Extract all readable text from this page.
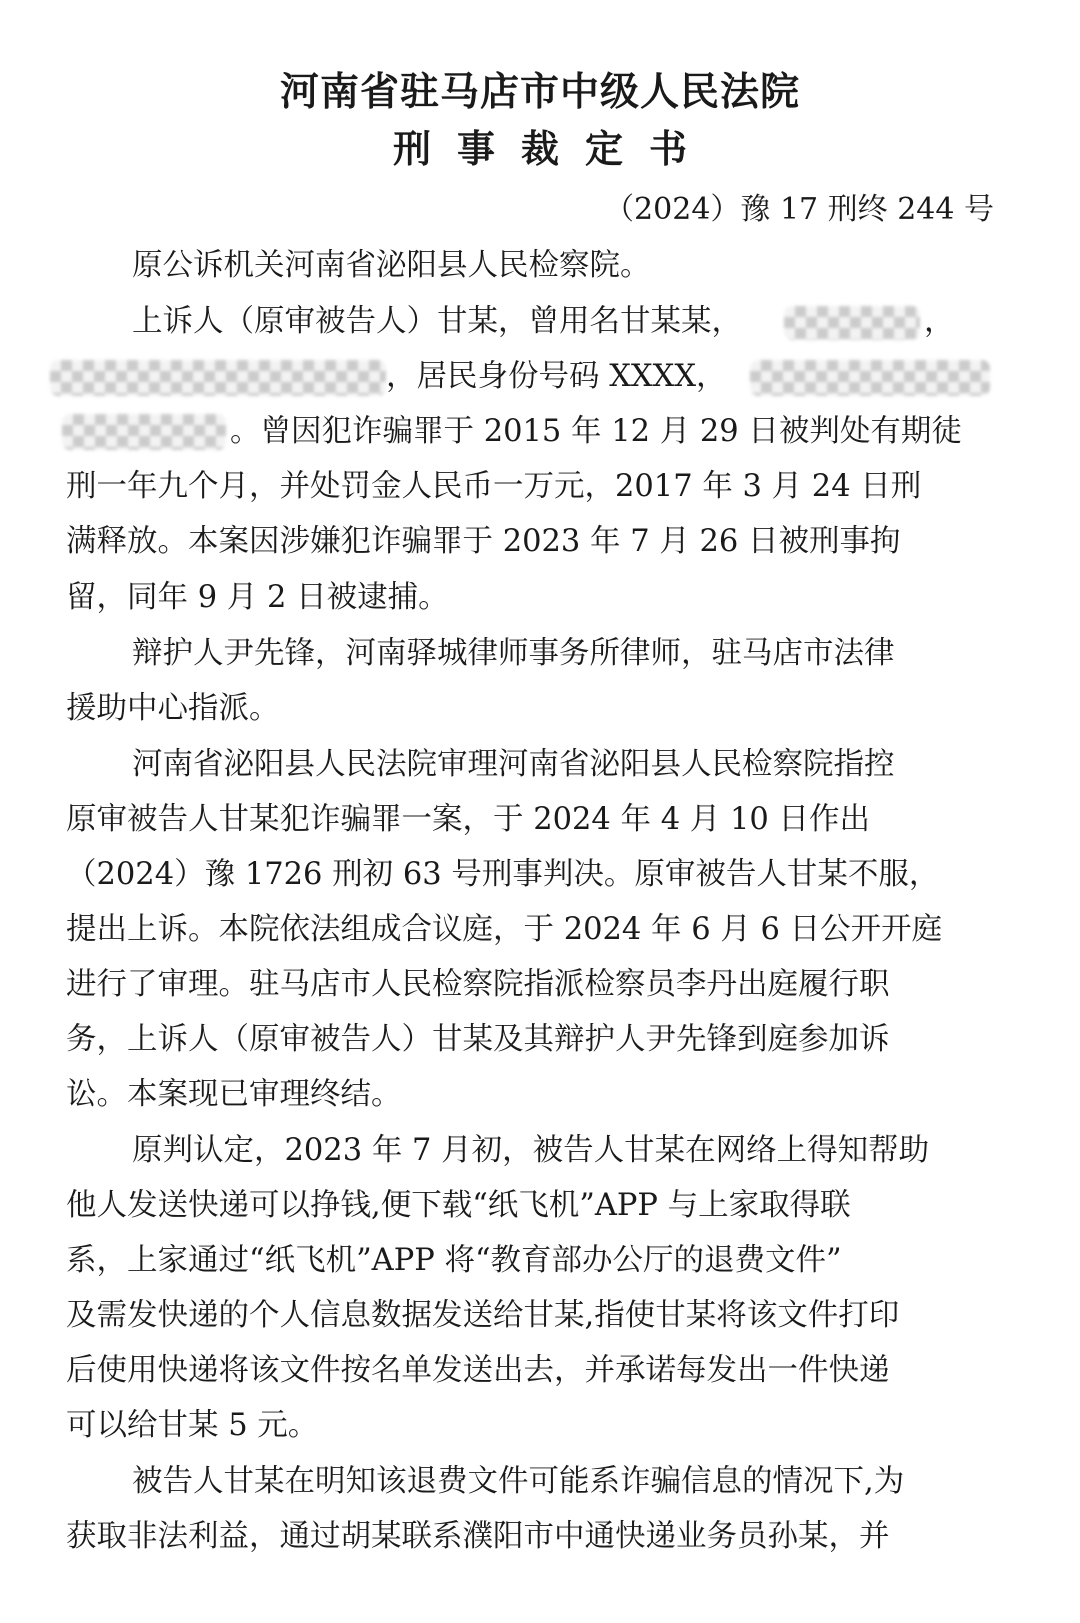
河南省驻马店市中级人民法院
刑事裁定书
（2024）豫 17 刑终 244 号
原公诉机关河南省泌阳县人民检察院。
上诉人（原审被告人）甘某，曾用名甘某某，	，
，居民身份号码 XXXX，
。曾因犯诈骗罪于 2015 年 12 月 29 日被判处有期徒
刑一年九个月，并处罚金人民币一万元，2017 年 3 月 24 日刑
满释放。本案因涉嫌犯诈骗罪于 2023 年 7 月 26 日被刑事拘
留，同年 9 月 2 日被逮捕。
辩护人尹先锋，河南驿城律师事务所律师，驻马店市法律
援助中心指派。
河南省泌阳县人民法院审理河南省泌阳县人民检察院指控
原审被告人甘某犯诈骗罪一案，于 2024 年 4 月 10 日作出
（2024）豫 1726 刑初 63 号刑事判决。原审被告人甘某不服，
提出上诉。本院依法组成合议庭，于 2024 年 6 月 6 日公开开庭
进行了审理。驻马店市人民检察院指派检察员李丹出庭履行职
务，上诉人（原审被告人）甘某及其辩护人尹先锋到庭参加诉
讼。本案现已审理终结。
原判认定，2023 年 7 月初，被告人甘某在网络上得知帮助
他人发送快递可以挣钱,便下载“纸飞机”APP 与上家取得联
系，上家通过“纸飞机”APP 将“教育部办公厅的退费文件”
及需发快递的个人信息数据发送给甘某,指使甘某将该文件打印
后使用快递将该文件按名单发送出去，并承诺每发出一件快递
可以给甘某 5 元。
被告人甘某在明知该退费文件可能系诈骗信息的情况下,为
获取非法利益，通过胡某联系濮阳市中通快递业务员孙某，并
